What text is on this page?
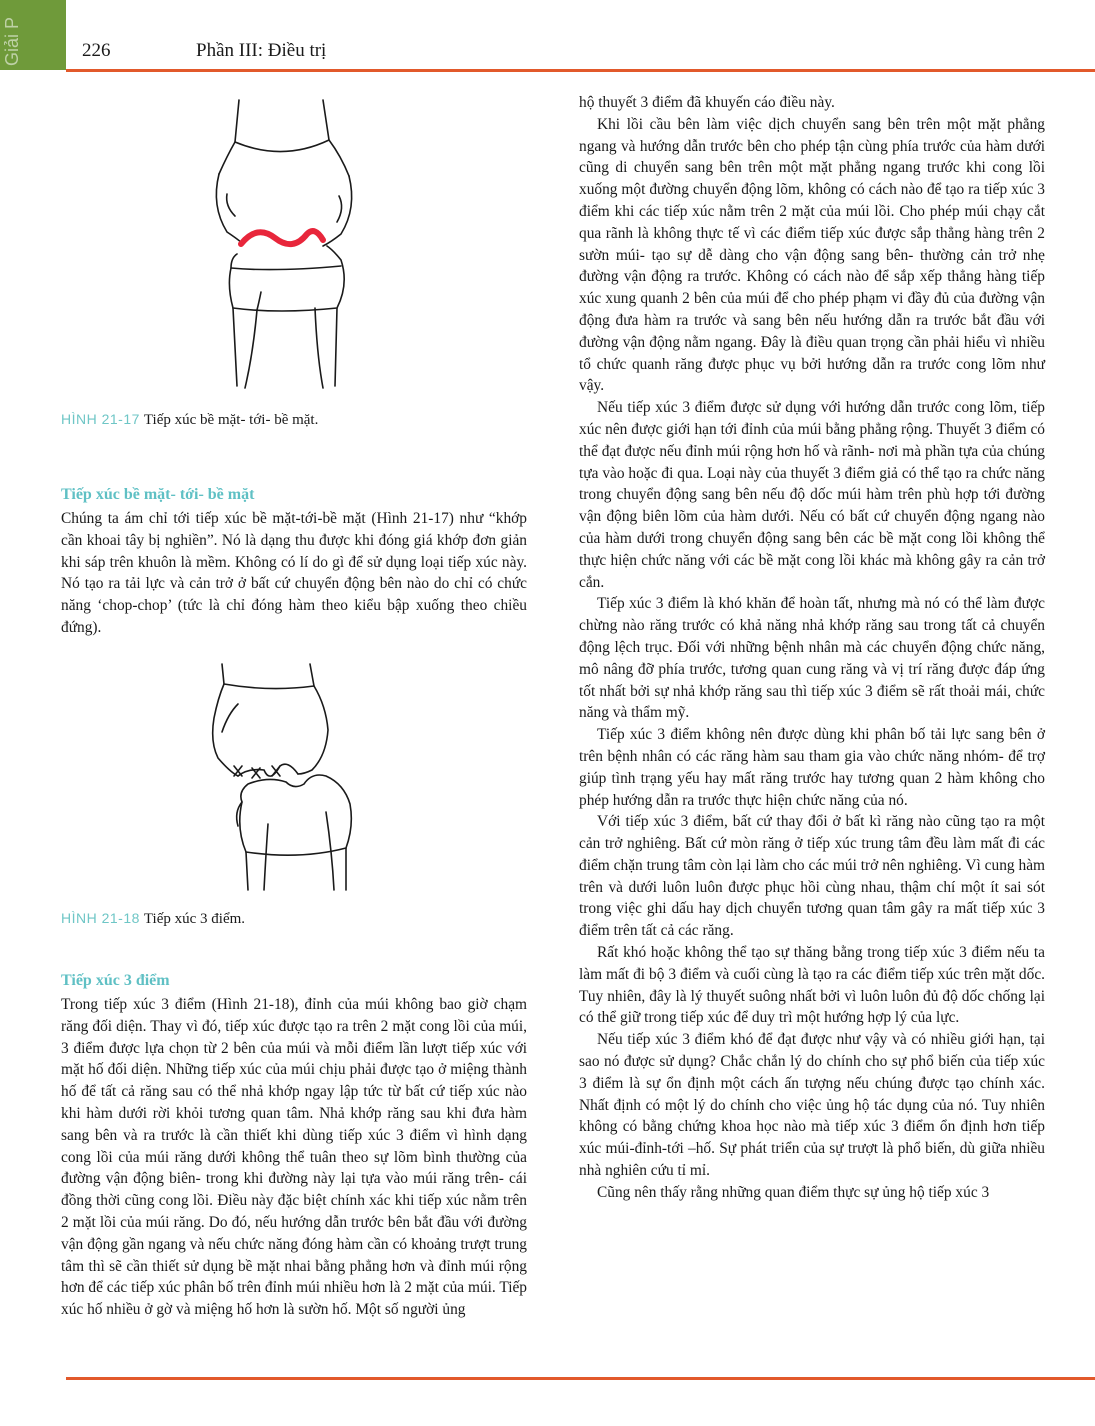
Giải P	226	Phần III: Điều trị
HÌNH 21-17 Tiếp xúc bề mặt- tới- bề mặt.
Tiếp xúc bề mặt- tới- bề mặt

Chúng ta ám chỉ tới tiếp xúc bề mặt-tới-bề mặt (Hình 21-17) như “khớp cần khoai tây bị nghiền”. Nó là dạng thu được khi đóng giá khớp đơn giản khi sáp trên khuôn là mềm. Không có lí do gì để sử dụng loại tiếp xúc này. Nó tạo ra tải lực và cản trở ở bất cứ chuyển động bên nào do chỉ có chức năng ‘chop-chop’ (tức là chỉ đóng hàm theo kiểu bập xuống theo chiều đứng).

HÌNH 21-18 Tiếp xúc 3 điểm.
Tiếp xúc 3 điểm

Trong tiếp xúc 3 điểm (Hình 21-18), đỉnh của múi không bao giờ chạm răng đối diện. Thay vì đó, tiếp xúc được tạo ra trên 2 mặt cong lồi của múi, 3 điểm được lựa chọn từ 2 bên của múi và mỗi điểm lần lượt tiếp xúc với mặt hố đối diện. Những tiếp xúc của múi chịu phải được tạo ở miệng thành hố để tất cả răng sau có thể nhả khớp ngay lập tức từ bất cứ tiếp xúc nào khi hàm dưới rời khỏi tương quan tâm. Nhả khớp răng sau khi đưa hàm sang bên và ra trước là cần thiết khi dùng tiếp xúc 3 điểm vì hình dạng cong lồi của múi răng dưới không thể tuân theo sự lõm bình thường của đường vận động biên- trong khi đường này lại tựa vào múi răng trên- cái đồng thời cũng cong lồi. Điều này đặc biệt chính xác khi tiếp xúc nằm trên 2 mặt lồi của múi răng. Do đó, nếu hướng dẫn trước bên bắt đầu với đường vận động gần ngang và nếu chức năng đóng hàm cần có khoảng trượt trung tâm thì sẽ cần thiết sử dụng bề mặt nhai bằng phẳng hơn và đỉnh múi rộng hơn để các tiếp xúc phân bố trên đỉnh múi nhiều hơn là 2 mặt của múi. Tiếp xúc hố nhiều ở gờ và miệng hố hơn là sườn hố. Một số người ủng

hộ thuyết 3 điểm đã khuyến cáo điều này.

Khi lồi cầu bên làm việc dịch chuyển sang bên trên một mặt phẳng ngang và hướng dẫn trước bên cho phép tận cùng phía trước của hàm dưới cũng di chuyển sang bên trên một mặt phẳng ngang trước khi cong lồi xuống một đường chuyển động lõm, không có cách nào để tạo ra tiếp xúc 3 điểm khi các tiếp xúc nằm trên 2 mặt của múi lồi. Cho phép múi chạy cắt qua rãnh là không thực tế vì các điểm tiếp xúc được sắp thẳng hàng trên 2 sườn múi- tạo sự dễ dàng cho vận động sang bên- thường cản trở nhẹ đường vận động ra trước. Không có cách nào để sắp xếp thẳng hàng tiếp xúc xung quanh 2 bên của múi để cho phép phạm vi đầy đủ của đường vận động đưa hàm ra trước và sang bên nếu hướng dẫn ra trước bắt đầu với đường vận động nằm ngang. Đây là điều quan trọng cần phải hiểu vì nhiều tổ chức quanh răng được phục vụ bởi hướng dẫn ra trước cong lõm như vậy.

Nếu tiếp xúc 3 điểm được sử dụng với hướng dẫn trước cong lõm, tiếp xúc nên được giới hạn tới đỉnh của múi bằng phẳng rộng. Thuyết 3 điểm có thể đạt được nếu đỉnh múi rộng hơn hố và rãnh- nơi mà phần tựa của chúng tựa vào hoặc đi qua. Loại này của thuyết 3 điểm giả có thể tạo ra chức năng trong chuyển động sang bên nếu độ dốc múi hàm trên phù hợp tới đường vận động biên lõm của hàm dưới. Nếu có bất cứ chuyển động ngang nào của hàm dưới trong chuyển động sang bên các bề mặt cong lồi không thể thực hiện chức năng với các bề mặt cong lồi khác mà không gây ra cản trở cắn.

Tiếp xúc 3 điểm là khó khăn để hoàn tất, nhưng mà nó có thể làm được chừng nào răng trước có khả năng nhả khớp răng sau trong tất cả chuyển động lệch trục. Đối với những bệnh nhân mà các chuyển động chức năng, mô nâng đỡ phía trước, tương quan cung răng và vị trí răng được đáp ứng tốt nhất bởi sự nhả khớp răng sau thì tiếp xúc 3 điểm sẽ rất thoải mái, chức năng và thẩm mỹ.

Tiếp xúc 3 điểm không nên được dùng khi phân bố tải lực sang bên ở trên bệnh nhân có các răng hàm sau tham gia vào chức năng nhóm- để trợ giúp tình trạng yếu hay mất răng trước hay tương quan 2 hàm không cho phép hướng dẫn ra trước thực hiện chức năng của nó.

Với tiếp xúc 3 điểm, bất cứ thay đổi ở bất kì răng nào cũng tạo ra một cản trở nghiêng. Bất cứ mòn răng ở tiếp xúc trung tâm đều làm mất đi các điểm chặn trung tâm còn lại làm cho các múi trở nên nghiêng. Vì cung hàm trên và dưới luôn luôn được phục hồi cùng nhau, thậm chí một ít sai sót trong việc ghi dấu hay dịch chuyển tương quan tâm gây ra mất tiếp xúc 3 điểm trên tất cả các răng.

Rất khó hoặc không thể tạo sự thăng bằng trong tiếp xúc 3 điểm nếu ta làm mất đi bộ 3 điểm và cuối cùng là tạo ra các điểm tiếp xúc trên mặt dốc. Tuy nhiên, đây là lý thuyết suông nhất bởi vì luôn luôn đủ độ dốc chống lại có thể giữ trong tiếp xúc để duy trì một hướng hợp lý của lực.

Nếu tiếp xúc 3 điểm khó để đạt được như vậy và có nhiều giới hạn, tại sao nó được sử dụng? Chắc chắn lý do chính cho sự phổ biến của tiếp xúc 3 điểm là sự ổn định một cách ấn tượng nếu chúng được tạo chính xác. Nhất định có một lý do chính cho việc ủng hộ tác dụng của nó. Tuy nhiên không có bằng chứng khoa học nào mà tiếp xúc 3 điểm ổn định hơn tiếp xúc múi-đỉnh-tới –hố. Sự phát triển của sự trượt là phổ biến, dù giữa nhiều nhà nghiên cứu tỉ mỉ.

Cũng nên thấy rằng những quan điểm thực sự ủng hộ tiếp xúc 3
